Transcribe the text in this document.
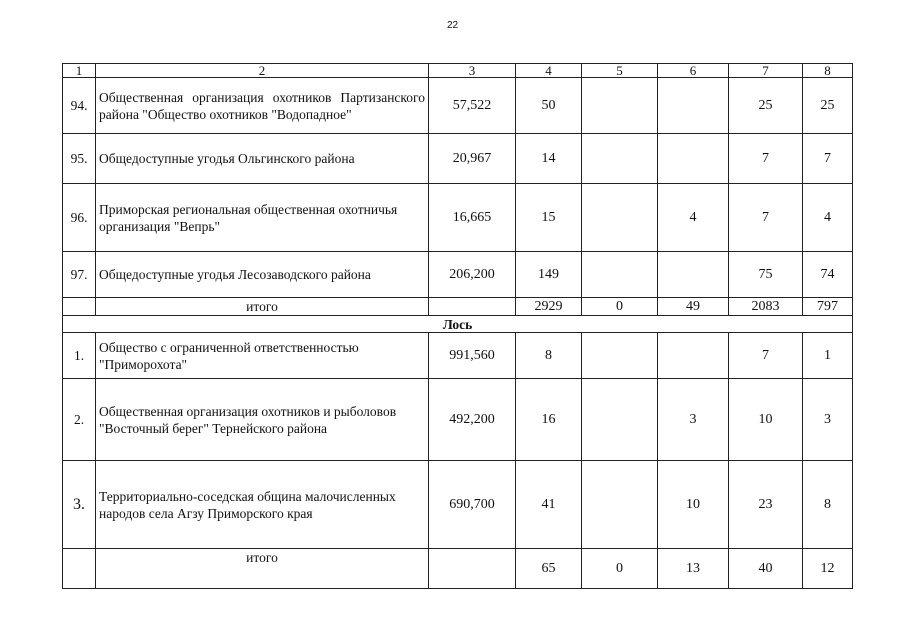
22
1	2	3	4	5	6	7	8
94.	Общественная организация охотников Партизанского района "Общество охотников "Водопадное"	57,522	50			25	25
95.	Общедоступные угодья Ольгинского района	20,967	14			7	7
96.	Приморская региональная общественная охотничья организация "Вепрь"	16,665	15		4	7	4
97.	Общедоступные угодья Лесозаводского района	206,200	149			75	74
	итого		2929	0	49	2083	797
Лось							
1.	Общество с ограниченной ответственностью "Приморохота"	991,560	8			7	1
2.	Общественная организация охотников и рыболовов "Восточный берег" Тернейского района	492,200	16		3	10	3
3.	Территориально-соседская община малочисленных народов села Агзу Приморского края	690,700	41		10	23	8
	итого		65	0	13	40	12
